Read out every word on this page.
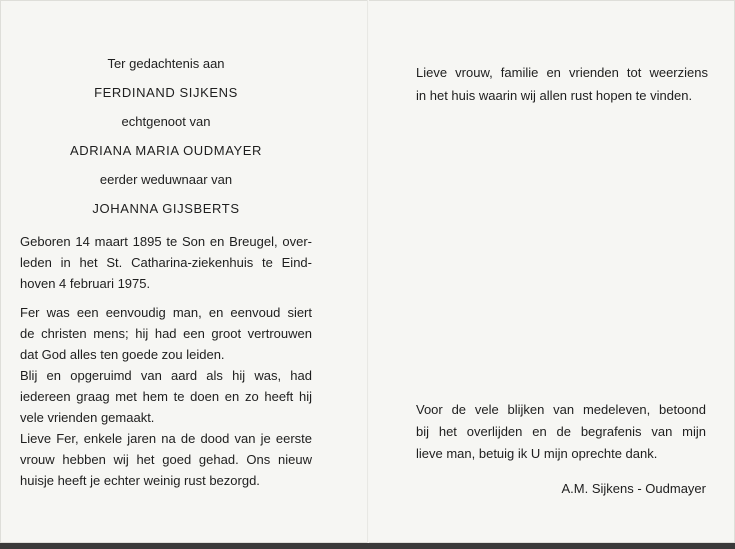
Ter gedachtenis aan
FERDINAND SIJKENS
echtgenoot van
ADRIANA MARIA OUDMAYER
eerder weduwnaar van
JOHANNA GIJSBERTS
Geboren 14 maart 1895 te Son en Breugel, over-
leden in het St. Catharina-ziekenhuis te Eind-
hoven 4 februari 1975.
Fer was een eenvoudig man, en eenvoud siert
de christen mens; hij had een groot vertrouwen
dat God alles ten goede zou leiden.
Blij en opgeruimd van aard als hij was, had
iedereen graag met hem te doen en zo heeft hij
vele vrienden gemaakt.
Lieve Fer, enkele jaren na de dood van je eerste
vrouw hebben wij het goed gehad. Ons nieuw
huisje heeft je echter weinig rust bezorgd.
Lieve vrouw, familie en vrienden tot weerziens
in het huis waarin wij allen rust hopen te vinden.
Voor de vele blijken van medeleven, betoond
bij het overlijden en de begrafenis van mijn
lieve man, betuig ik U mijn oprechte dank.
A.M. Sijkens - Oudmayer
